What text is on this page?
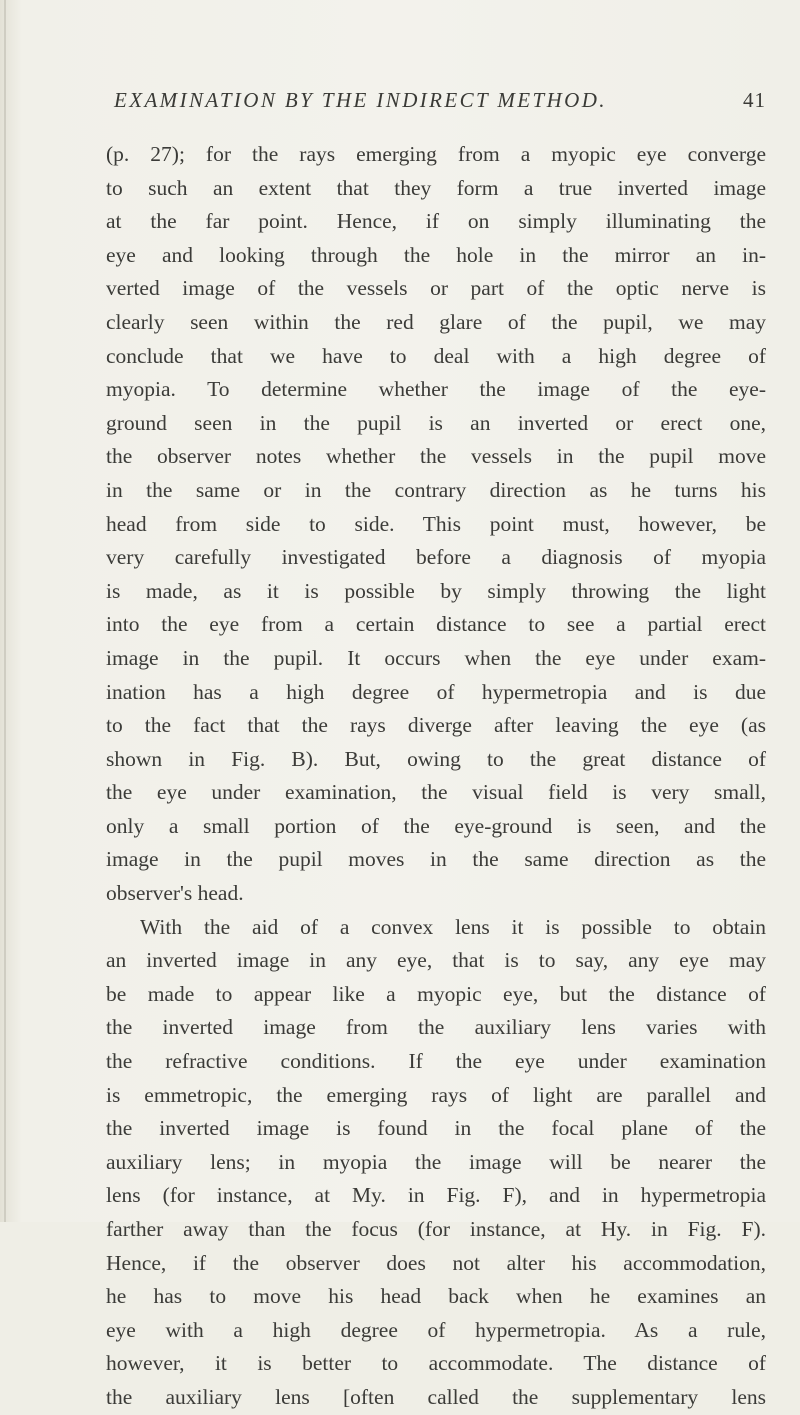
EXAMINATION BY THE INDIRECT METHOD.	41
(p. 27); for the rays emerging from a myopic eye converge
to such an extent that they form a true inverted image
at the far point. Hence, if on simply illuminating the
eye and looking through the hole in the mirror an in-
verted image of the vessels or part of the optic nerve is
clearly seen within the red glare of the pupil, we may
conclude that we have to deal with a high degree of
myopia. To determine whether the image of the eye-
ground seen in the pupil is an inverted or erect one,
the observer notes whether the vessels in the pupil move
in the same or in the contrary direction as he turns his
head from side to side. This point must, however, be
very carefully investigated before a diagnosis of myopia
is made, as it is possible by simply throwing the light
into the eye from a certain distance to see a partial erect
image in the pupil. It occurs when the eye under exam-
ination has a high degree of hypermetropia and is due
to the fact that the rays diverge after leaving the eye (as
shown in Fig. B). But, owing to the great distance of
the eye under examination, the visual field is very small,
only a small portion of the eye-ground is seen, and the
image in the pupil moves in the same direction as the
observer's head.
With the aid of a convex lens it is possible to obtain
an inverted image in any eye, that is to say, any eye may
be made to appear like a myopic eye, but the distance of
the inverted image from the auxiliary lens varies with
the refractive conditions. If the eye under examination
is emmetropic, the emerging rays of light are parallel and
the inverted image is found in the focal plane of the
auxiliary lens; in myopia the image will be nearer the
lens (for instance, at My. in Fig. F), and in hypermetropia
farther away than the focus (for instance, at Hy. in Fig. F).
Hence, if the observer does not alter his accommodation,
he has to move his head back when he examines an
eye with a high degree of hypermetropia. As a rule,
however, it is better to accommodate. The distance of
the auxiliary lens [often called the supplementary lens
